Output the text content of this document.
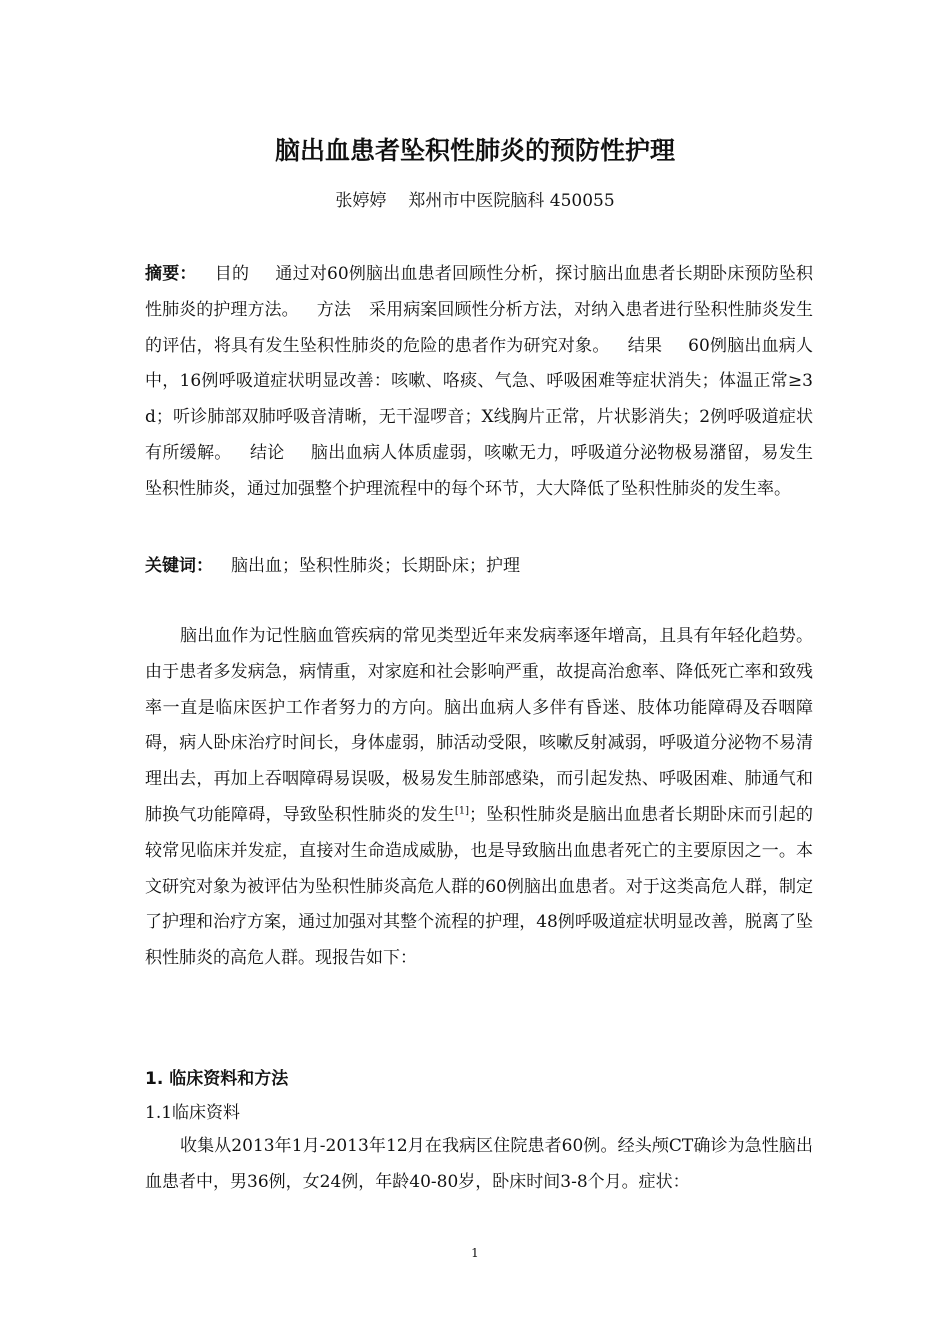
脑出血患者坠积性肺炎的预防性护理
张婷婷 郑州市中医院脑科 450055
摘要： 目的 通过对60例脑出血患者回顾性分析，探讨脑出血患者长期卧床预防坠积性肺炎的护理方法。 方法 采用病案回顾性分析方法，对纳入患者进行坠积性肺炎发生的评估，将具有发生坠积性肺炎的危险的患者作为研究对象。 结果 60例脑出血病人中，16例呼吸道症状明显改善：咳嗽、咯痰、气急、呼吸困难等症状消失；体温正常≥3d；听诊肺部双肺呼吸音清晰，无干湿啰音；X线胸片正常，片状影消失；2例呼吸道症状有所缓解。 结论 脑出血病人体质虚弱，咳嗽无力，呼吸道分泌物极易潴留，易发生坠积性肺炎，通过加强整个护理流程中的每个环节，大大降低了坠积性肺炎的发生率。
关键词： 脑出血；坠积性肺炎；长期卧床；护理
脑出血作为记性脑血管疾病的常见类型近年来发病率逐年增高，且具有年轻化趋势。由于患者多发病急，病情重，对家庭和社会影响严重，故提高治愈率、降低死亡率和致残率一直是临床医护工作者努力的方向。脑出血病人多伴有昏迷、肢体功能障碍及吞咽障碍，病人卧床治疗时间长，身体虚弱，肺活动受限，咳嗽反射减弱，呼吸道分泌物不易清理出去，再加上吞咽障碍易误吸，极易发生肺部感染，而引起发热、呼吸困难、肺通气和肺换气功能障碍，导致坠积性肺炎的发生[1]；坠积性肺炎是脑出血患者长期卧床而引起的较常见临床并发症，直接对生命造成威胁，也是导致脑出血患者死亡的主要原因之一。本文研究对象为被评估为坠积性肺炎高危人群的60例脑出血患者。对于这类高危人群，制定了护理和治疗方案，通过加强对其整个流程的护理，48例呼吸道症状明显改善，脱离了坠积性肺炎的高危人群。现报告如下：
1. 临床资料和方法
1.1临床资料
收集从2013年1月-2013年12月在我病区住院患者60例。经头颅CT确诊为急性脑出血患者中，男36例，女24例，年龄40-80岁，卧床时间3-8个月。症状：
1
